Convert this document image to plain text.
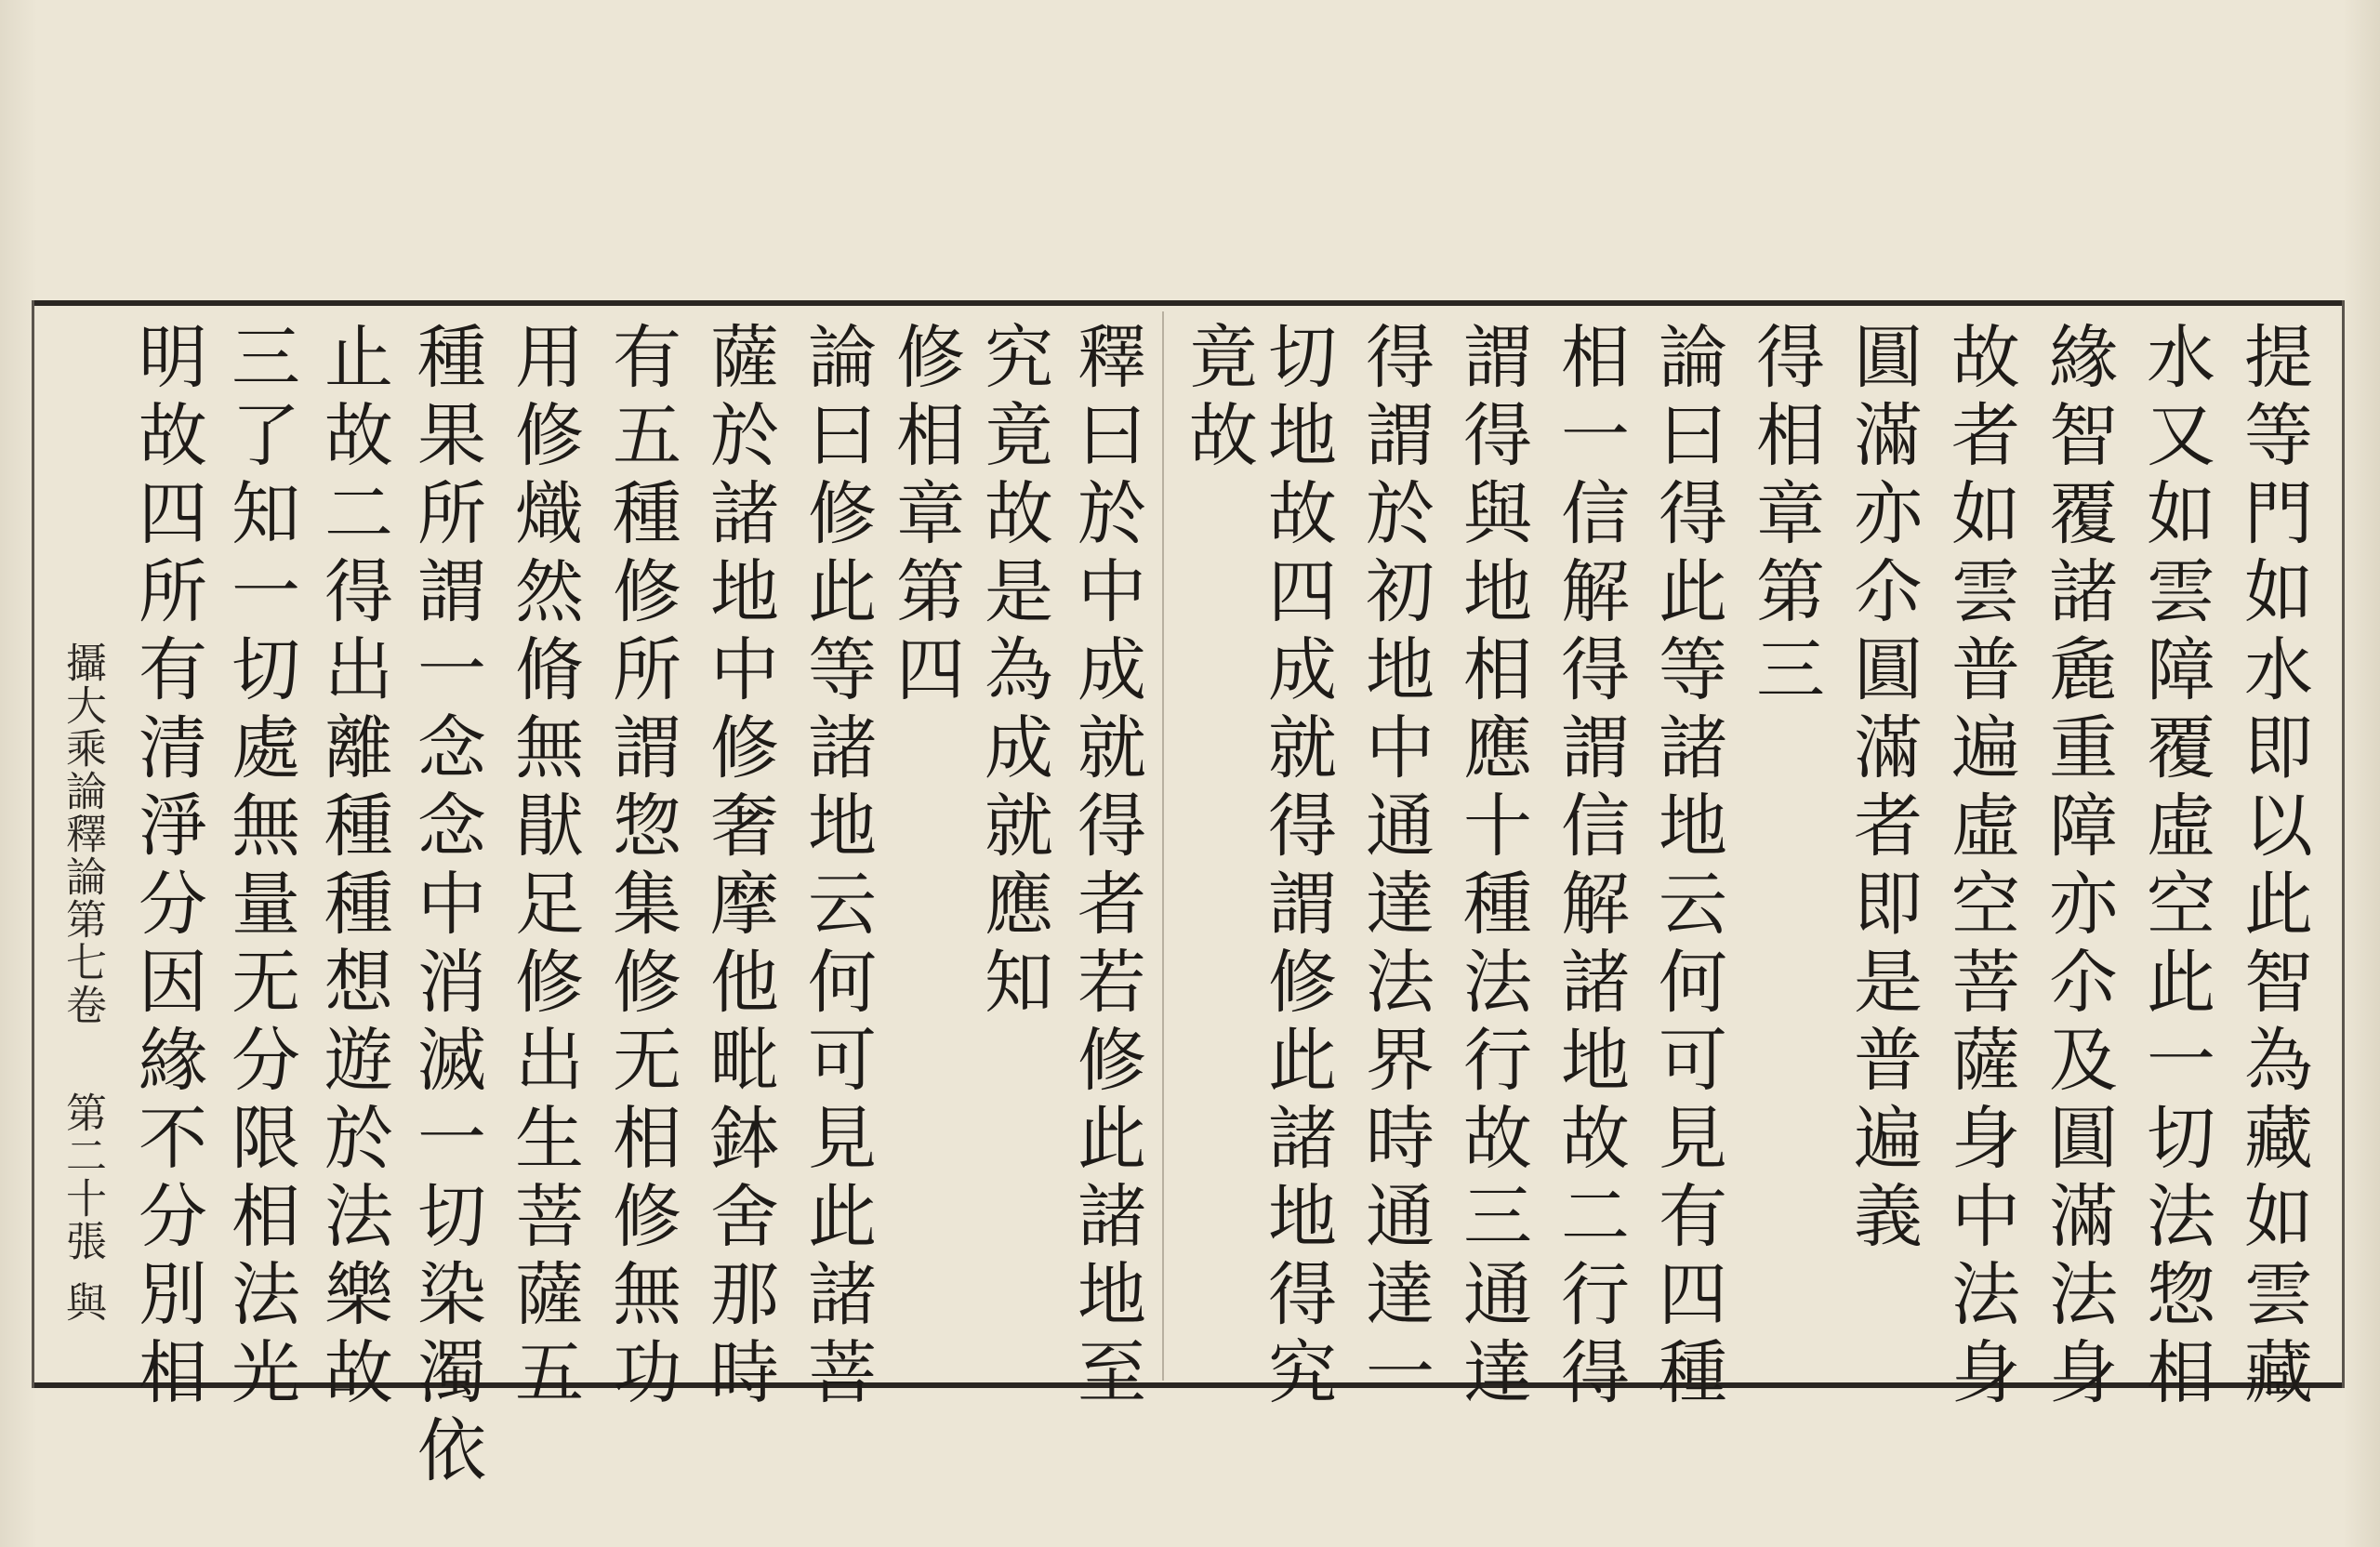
提等門如水即以此智為藏如雲藏
水又如雲障覆虛空此一切法惣相
緣智覆諸麁重障亦尒及圓滿法身
故者如雲普遍虛空菩薩身中法身
圓滿亦尒圓滿者即是普遍義
得相章第三
論曰得此等諸地云何可見有四種
相一信解得謂信解諸地故二行得
謂得與地相應十種法行故三通達
得謂於初地中通達法界時通達一
切地故四成就得謂修此諸地得究
竟故
釋曰於中成就得者若修此諸地至
究竟故是為成就應知
修相章第四
論曰修此等諸地云何可見此諸菩
薩於諸地中修奢摩他毗鉢舍那時
有五種修所謂惣集修无相修無功
用修熾然脩無猒足修出生菩薩五
種果所謂一念念中消滅一切染濁依
止故二得出離種種想遊於法樂故
三了知一切處無量无分限相法光
明故四所有清淨分因緣不分別相
攝大乘論釋論第七卷第二十張與
